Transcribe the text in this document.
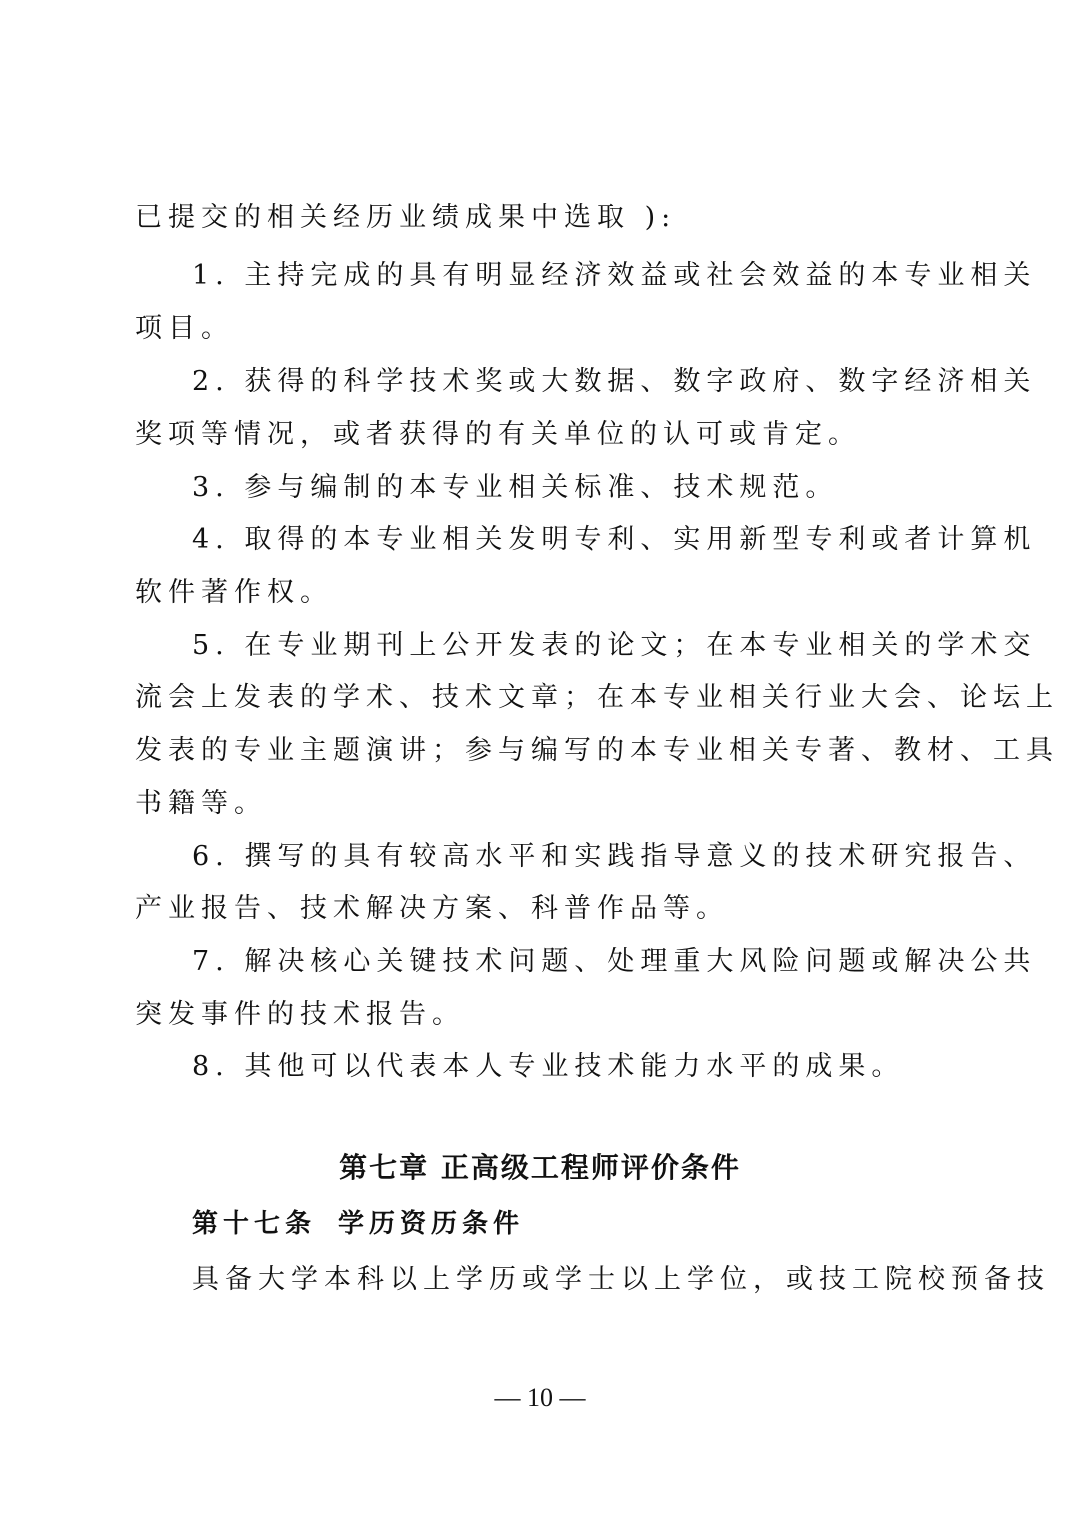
已提交的相关经历业绩成果中选取 ):
1. 主持完成的具有明显经济效益或社会效益的本专业相关
项目。
2. 获得的科学技术奖或大数据、数字政府、数字经济相关
奖项等情况，或者获得的有关单位的认可或肯定。
3. 参与编制的本专业相关标准、技术规范。
4. 取得的本专业相关发明专利、实用新型专利或者计算机
软件著作权。
5. 在专业期刊上公开发表的论文；在本专业相关的学术交
流会上发表的学术、技术文章；在本专业相关行业大会、论坛上
发表的专业主题演讲；参与编写的本专业相关专著、教材、工具
书籍等。
6. 撰写的具有较高水平和实践指导意义的技术研究报告、
产业报告、技术解决方案、科普作品等。
7. 解决核心关键技术问题、处理重大风险问题或解决公共
突发事件的技术报告。
8. 其他可以代表本人专业技术能力水平的成果。
第七章 正高级工程师评价条件
第十七条 学历资历条件
具备大学本科以上学历或学士以上学位，或技工院校预备技
— 10 —
